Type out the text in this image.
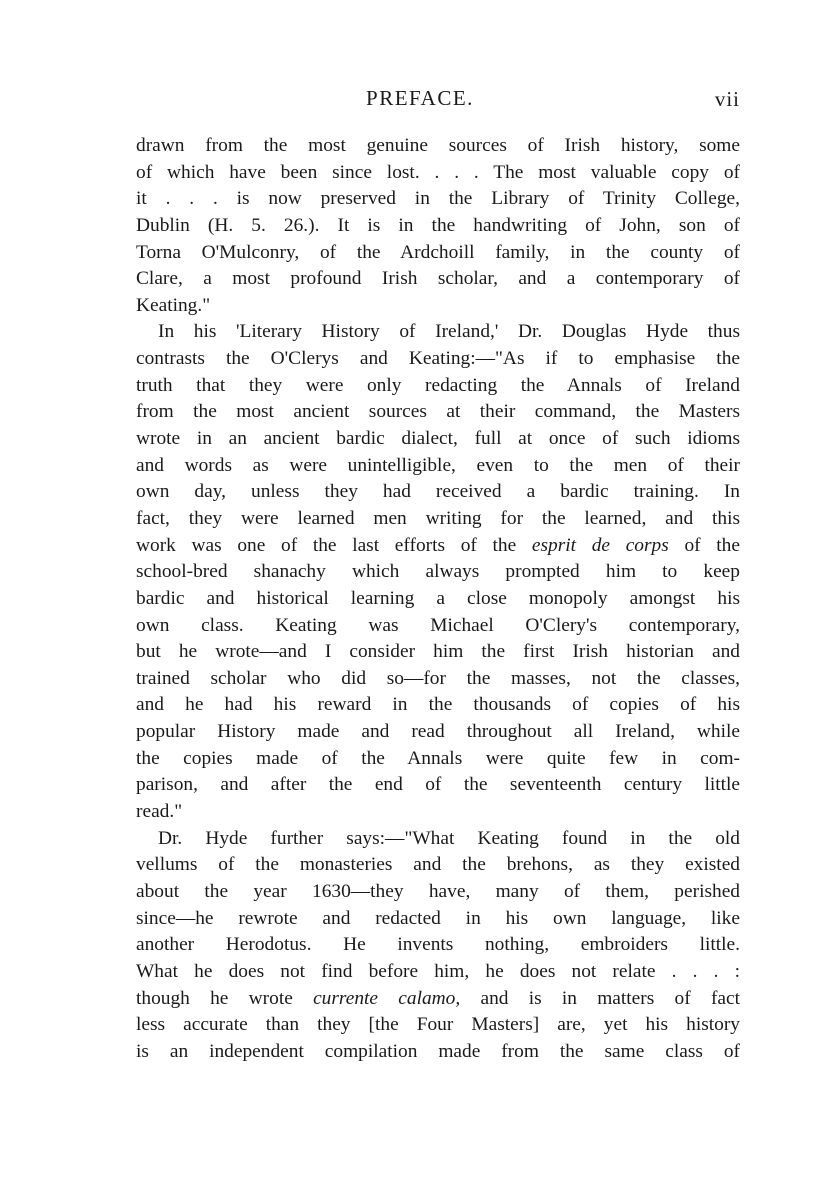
PREFACE.	vii
drawn from the most genuine sources of Irish history, some
of which have been since lost. . . . The most valuable copy of
it . . . is now preserved in the Library of Trinity College,
Dublin (H. 5. 26.). It is in the handwriting of John, son of
Torna O'Mulconry, of the Ardchoill family, in the county of
Clare, a most profound Irish scholar, and a contemporary of
Keating."
In his 'Literary History of Ireland,' Dr. Douglas Hyde thus
contrasts the O'Clerys and Keating:—"As if to emphasise the
truth that they were only redacting the Annals of Ireland
from the most ancient sources at their command, the Masters
wrote in an ancient bardic dialect, full at once of such idioms
and words as were unintelligible, even to the men of their
own day, unless they had received a bardic training. In
fact, they were learned men writing for the learned, and this
work was one of the last efforts of the esprit de corps of the
school-bred shanachy which always prompted him to keep
bardic and historical learning a close monopoly amongst his
own class. Keating was Michael O'Clery's contemporary,
but he wrote—and I consider him the first Irish historian and
trained scholar who did so—for the masses, not the classes,
and he had his reward in the thousands of copies of his
popular History made and read throughout all Ireland, while
the copies made of the Annals were quite few in com-
parison, and after the end of the seventeenth century little
read."
Dr. Hyde further says:—"What Keating found in the old
vellums of the monasteries and the brehons, as they existed
about the year 1630—they have, many of them, perished
since—he rewrote and redacted in his own language, like
another Herodotus. He invents nothing, embroiders little.
What he does not find before him, he does not relate . . . :
though he wrote currente calamo, and is in matters of fact
less accurate than they [the Four Masters] are, yet his history
is an independent compilation made from the same class of
